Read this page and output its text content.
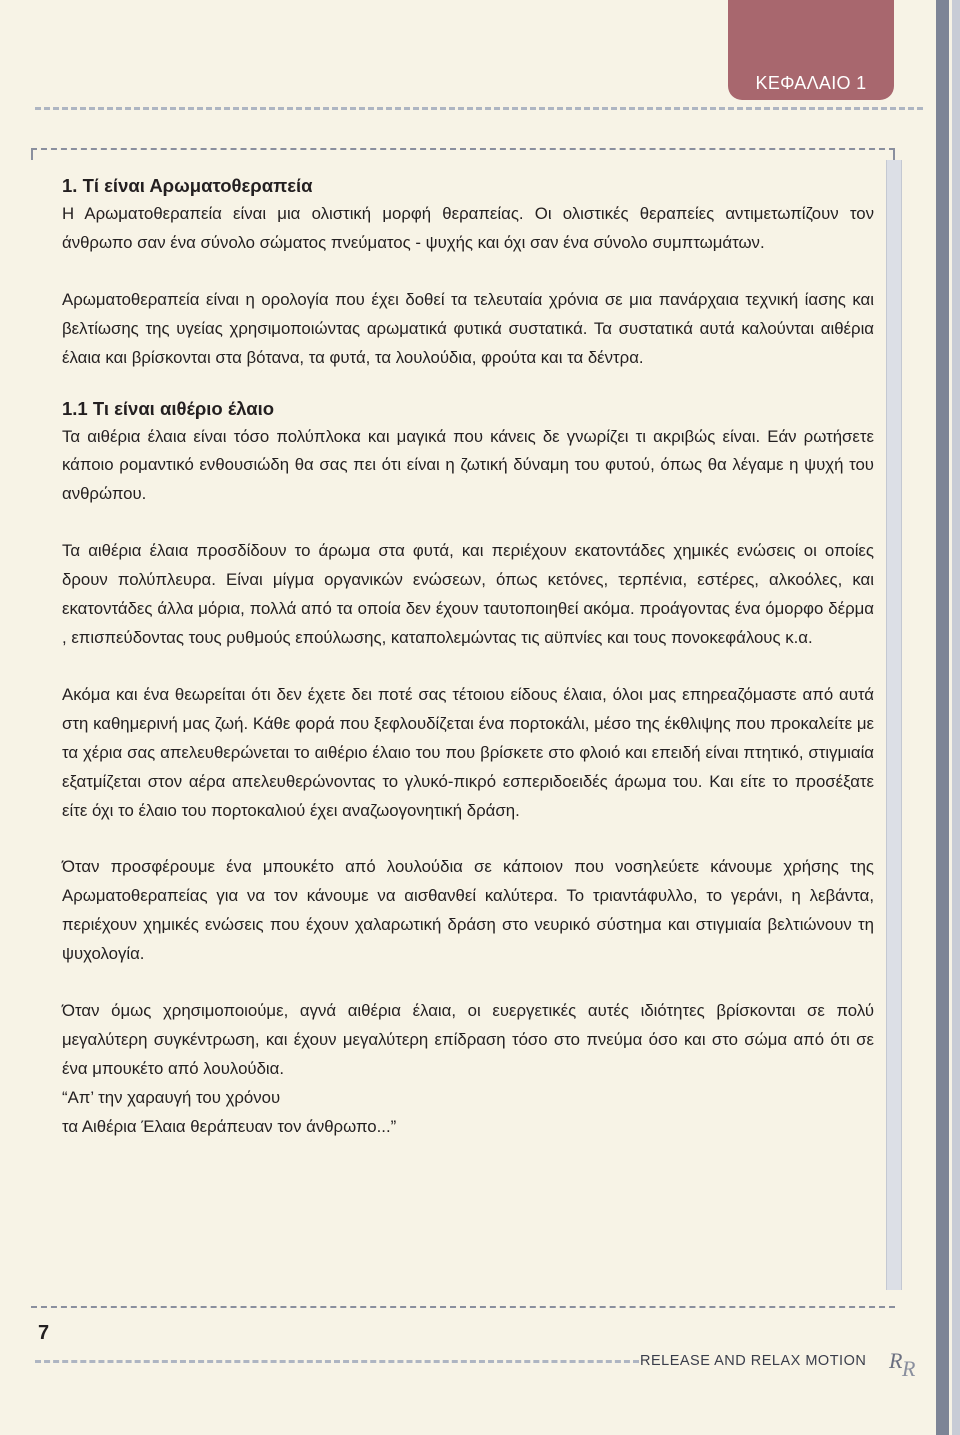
ΚΕΦΑΛΑΙΟ 1

1. Τί είναι Αρωματοθεραπεία

Η Αρωματοθεραπεία είναι μια ολιστική μορφή θεραπείας. Οι ολιστικές θεραπείες αντιμετωπίζουν τον άνθρωπο σαν ένα σύνολο σώματος πνεύματος - ψυχής και όχι σαν ένα σύνολο συμπτωμάτων.

Αρωματοθεραπεία είναι η ορολογία που έχει δοθεί τα τελευταία χρόνια σε μια πανάρχαια τεχνική ίασης και βελτίωσης της υγείας χρησιμοποιώντας αρωματικά φυτικά συστατικά. Τα συστατικά αυτά καλούνται αιθέρια έλαια και βρίσκονται στα βότανα, τα φυτά, τα λουλούδια, φρούτα και τα δέντρα.

1.1 Τι είναι αιθέριο έλαιο

Τα αιθέρια έλαια είναι τόσο πολύπλοκα και μαγικά που κάνεις δε γνωρίζει τι ακριβώς είναι. Εάν ρωτήσετε κάποιο ρομαντικό ενθουσιώδη θα σας πει ότι είναι η ζωτική δύναμη του φυτού, όπως θα λέγαμε η ψυχή του ανθρώπου.

Τα αιθέρια έλαια προσδίδουν το άρωμα στα φυτά, και περιέχουν εκατοντάδες χημικές ενώσεις οι οποίες δρουν πολύπλευρα. Είναι μίγμα οργανικών ενώσεων, όπως κετόνες, τερπένια, εστέρες, αλκοόλες, και εκατοντάδες άλλα μόρια, πολλά από τα οποία δεν έχουν ταυτοποιηθεί ακόμα. προάγοντας ένα όμορφο δέρμα , επισπεύδοντας τους ρυθμούς επούλωσης, καταπολεμώντας τις αϋπνίες και τους πονοκεφάλους κ.α.

Ακόμα και ένα θεωρείται ότι δεν έχετε δει ποτέ σας τέτοιου είδους έλαια, όλοι μας επηρεαζόμαστε από αυτά στη καθημερινή μας ζωή. Κάθε φορά που ξεφλουδίζεται ένα πορτοκάλι, μέσο της έκθλιψης που προκαλείτε με τα χέρια σας απελευθερώνεται το αιθέριο έλαιο του που βρίσκετε στο φλοιό και επειδή είναι πτητικό, στιγμιαία εξατμίζεται στον αέρα απελευθερώνοντας το γλυκό-πικρό εσπεριδοειδές άρωμα του. Και είτε το προσέξατε είτε όχι το έλαιο του πορτοκαλιού έχει αναζωογονητική δράση.

Όταν προσφέρουμε ένα μπουκέτο από λουλούδια σε κάποιον που νοσηλεύετε κάνουμε χρήσης της Αρωματοθεραπείας για να τον κάνουμε να αισθανθεί καλύτερα. Το τριαντάφυλλο, το γεράνι, η λεβάντα, περιέχουν χημικές ενώσεις που έχουν χαλαρωτική δράση στο νευρικό σύστημα και στιγμιαία βελτιώνουν τη ψυχολογία.

Όταν όμως χρησιμοποιούμε, αγνά αιθέρια έλαια, οι ευεργετικές αυτές ιδιότητες βρίσκονται σε πολύ μεγαλύτερη συγκέντρωση, και έχουν μεγαλύτερη επίδραση τόσο στο πνεύμα όσο και στο σώμα από ότι σε ένα μπουκέτο από λουλούδια.

“Απ’ την χαραυγή του χρόνου

τα Αιθέρια Έλαια θεράπευαν τον άνθρωπο...”

7
RELEASE AND RELAX MOTION R R
